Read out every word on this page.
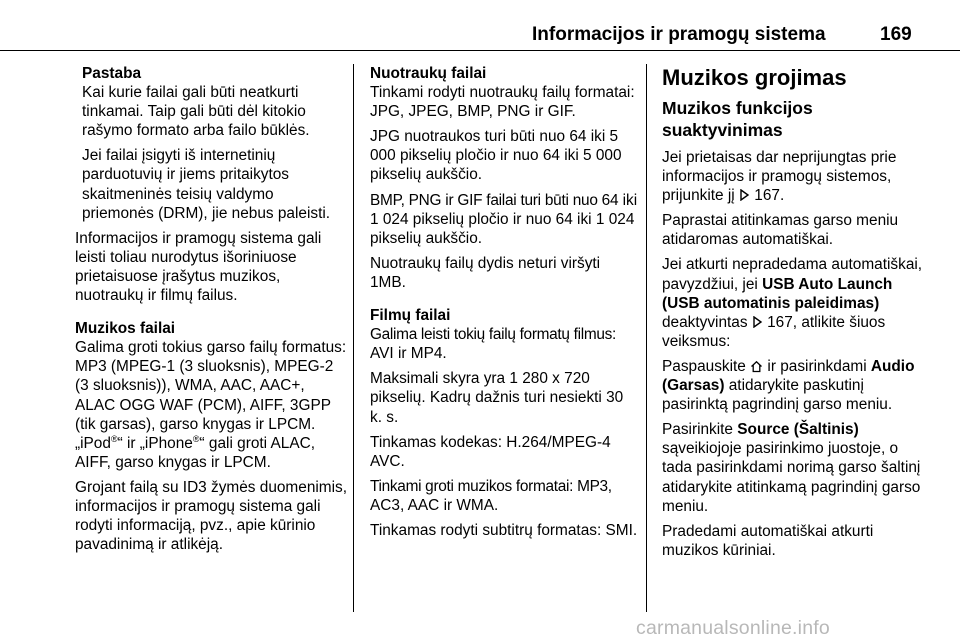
Informacijos ir pramogų sistema	169

Pastaba

Kai kurie failai gali būti neatkurti tinkamai. Taip gali būti dėl kitokio rašymo formato arba failo būklės.

Jei failai įsigyti iš internetinių parduotuvių ir jiems pritaikytos skaitmeninės teisių valdymo priemonės (DRM), jie nebus paleisti.

Informacijos ir pramogų sistema gali leisti toliau nurodytus išoriniuose prietaisuose įrašytus muzikos, nuotraukų ir filmų failus.

Muzikos failai

Galima groti tokius garso failų formatus: MP3 (MPEG-1 (3 sluoksnis), MPEG-2 (3 sluoksnis)), WMA, AAC, AAC+, ALAC OGG WAF (PCM), AIFF, 3GPP (tik garsas), garso knygas ir LPCM. „iPod®“ ir „iPhone®“ gali groti ALAC, AIFF, garso knygas ir LPCM.

Grojant failą su ID3 žymės duomenimis, informacijos ir pramogų sistema gali rodyti informaciją, pvz., apie kūrinio pavadinimą ir atlikėją.

Nuotraukų failai

Tinkami rodyti nuotraukų failų formatai: JPG, JPEG, BMP, PNG ir GIF.

JPG nuotraukos turi būti nuo 64 iki 5 000 pikselių pločio ir nuo 64 iki 5 000 pikselių aukščio.

BMP, PNG ir GIF failai turi būti nuo 64 iki 1 024 pikselių pločio ir nuo 64 iki 1 024 pikselių aukščio.

Nuotraukų failų dydis neturi viršyti 1MB.

Filmų failai

Galima leisti tokių failų formatų filmus: AVI ir MP4.

Maksimali skyra yra 1 280 x 720 pikselių. Kadrų dažnis turi nesiekti 30 k. s.

Tinkamas kodekas: H.264/MPEG-4 AVC.

Tinkami groti muzikos formatai: MP3, AC3, AAC ir WMA.

Tinkamas rodyti subtitrų formatas: SMI.

Muzikos grojimas
Muzikos funkcijos suaktyvinimas

Jei prietaisas dar neprijungtas prie informacijos ir pramogų sistemos, prijunkite jį  167.

Paprastai atitinkamas garso meniu atidaromas automatiškai.

Jei atkurti nepradedama automatiškai, pavyzdžiui, jei USB Auto Launch (USB automatinis paleidimas) deaktyvintas  167, atlikite šiuos veiksmus:

Paspauskite  ir pasirinkdami Audio (Garsas) atidarykite paskutinį pasirinktą pagrindinį garso meniu.

Pasirinkite Source (Šaltinis) sąveikiojoje pasirinkimo juostoje, o tada pasirinkdami norimą garso šaltinį atidarykite atitinkamą pagrindinį garso meniu.

Pradedami automatiškai atkurti muzikos kūriniai.

carmanualsonline.info
